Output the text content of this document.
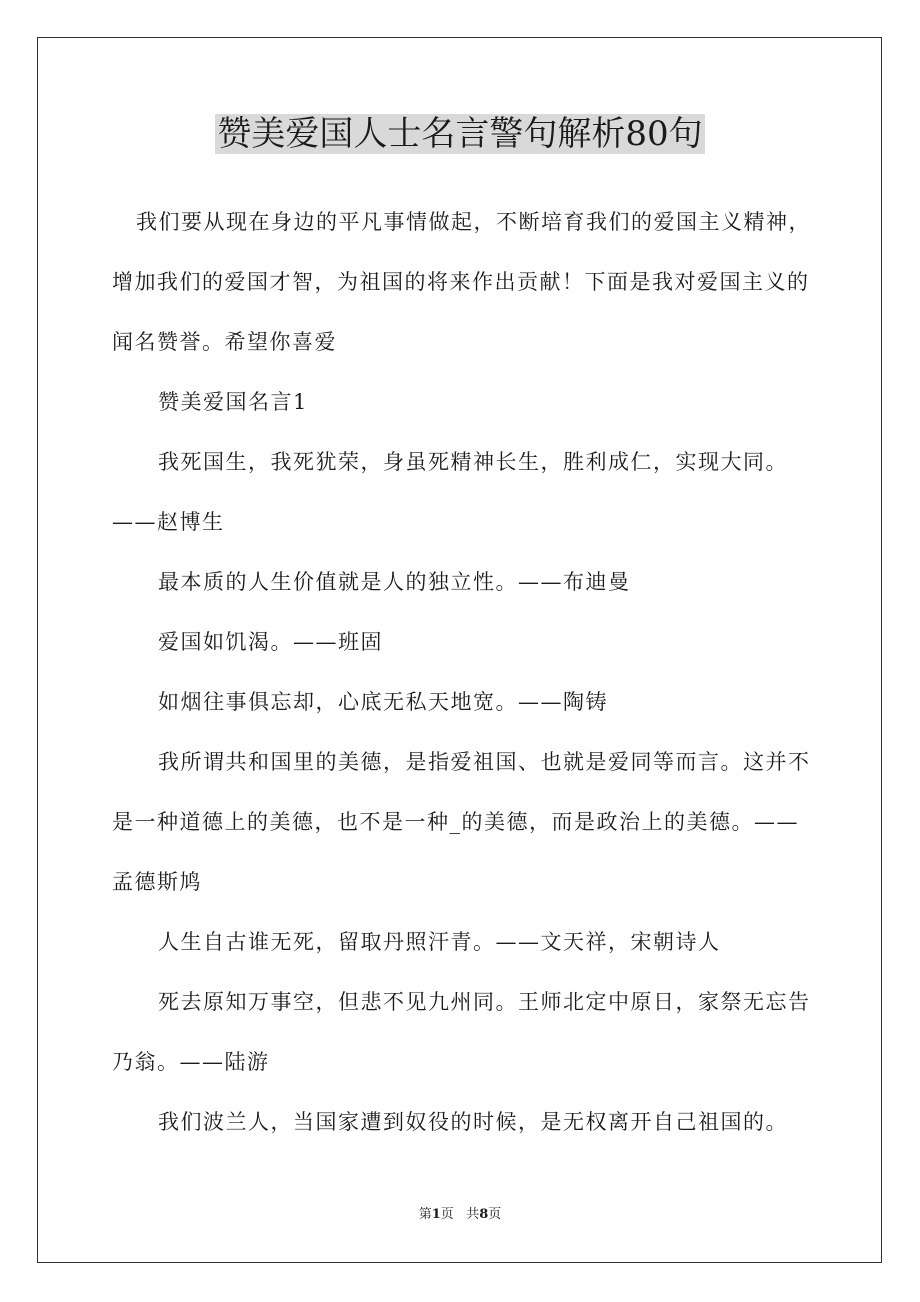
赞美爱国人士名言警句解析80句

我们要从现在身边的平凡事情做起，不断培育我们的爱国主义精神，增加我们的爱国才智，为祖国的将来作出贡献！下面是我对爱国主义的闻名赞誉。希望你喜爱

赞美爱国名言1

我死国生，我死犹荣，身虽死精神长生，胜利成仁，实现大同。——赵博生

最本质的人生价值就是人的独立性。——布迪曼

爱国如饥渴。——班固

如烟往事俱忘却，心底无私天地宽。——陶铸

我所谓共和国里的美德，是指爱祖国、也就是爱同等而言。这并不是一种道德上的美德，也不是一种_的美德，而是政治上的美德。——孟德斯鸠

人生自古谁无死，留取丹照汗青。——文天祥，宋朝诗人

死去原知万事空，但悲不见九州同。王师北定中原日，家祭无忘告乃翁。——陆游

我们波兰人，当国家遭到奴役的时候，是无权离开自己祖国的。

第1页 共8页
